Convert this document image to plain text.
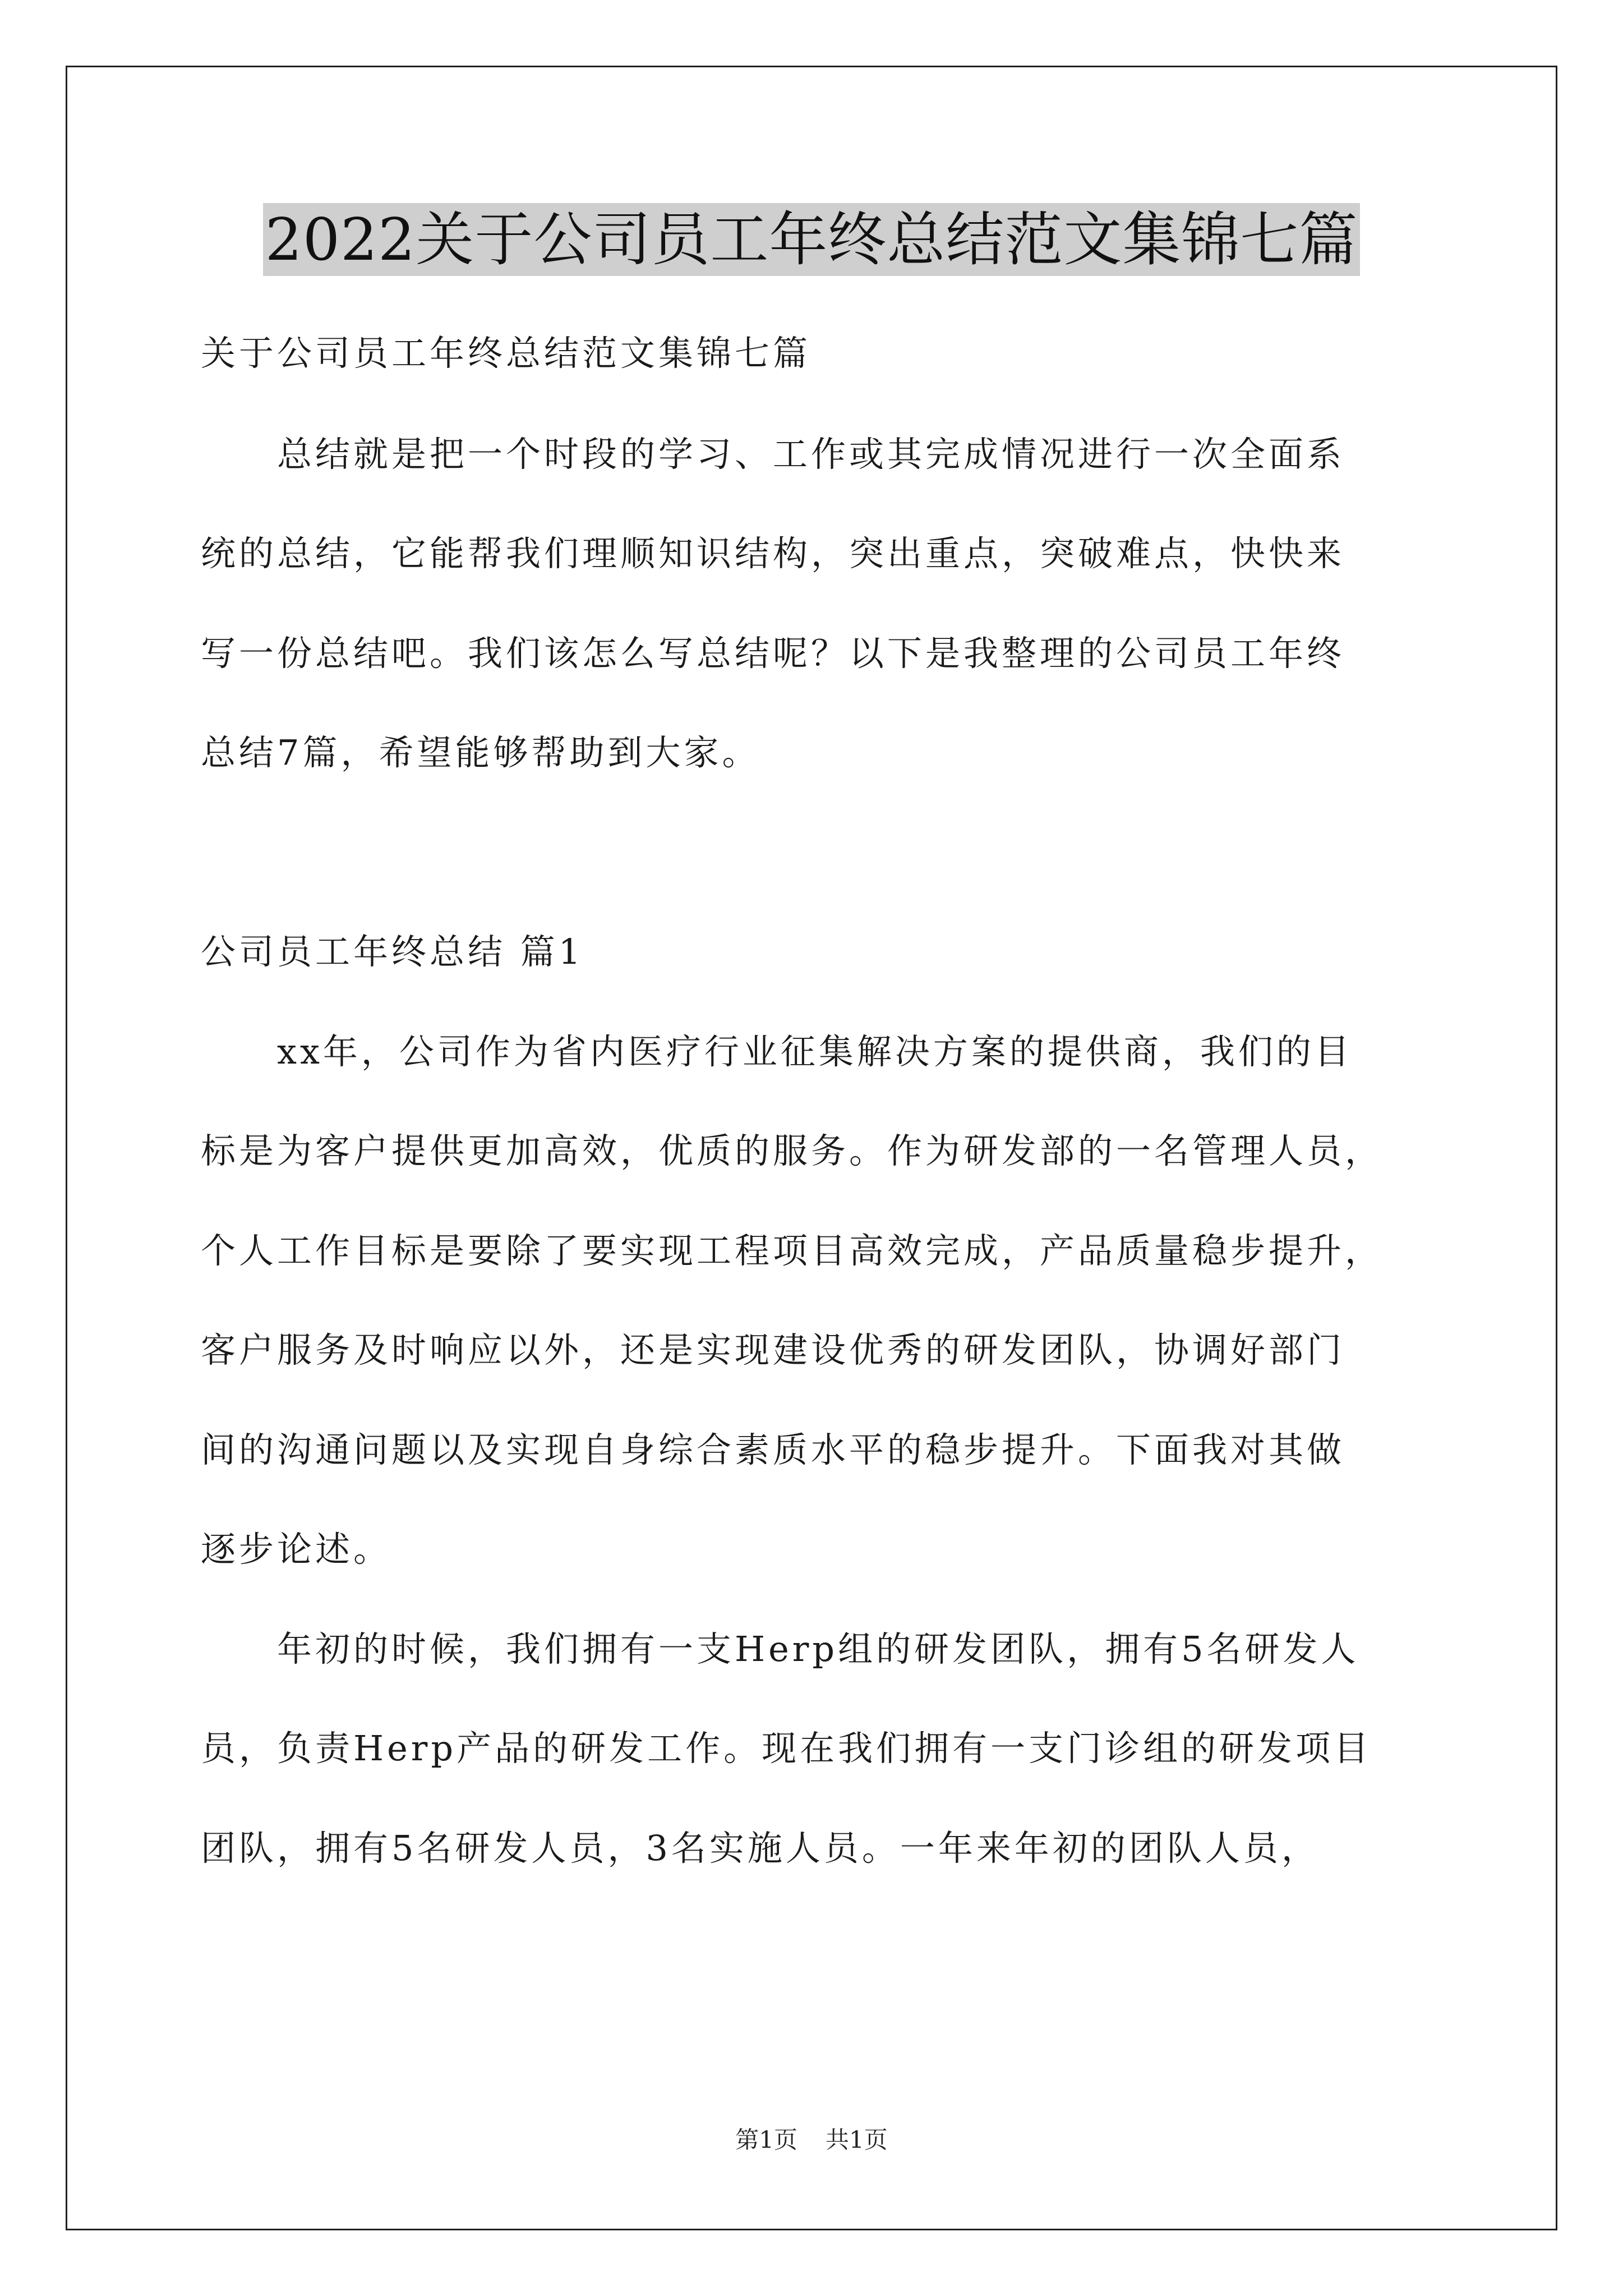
2022关于公司员工年终总结范文集锦七篇
关于公司员工年终总结范文集锦七篇
　　总结就是把一个时段的学习、工作或其完成情况进行一次全面系
统的总结，它能帮我们理顺知识结构，突出重点，突破难点，快快来
写一份总结吧。我们该怎么写总结呢？以下是我整理的公司员工年终
总结7篇，希望能够帮助到大家。
公司员工年终总结 篇1
　　xx年，公司作为省内医疗行业征集解决方案的提供商，我们的目
标是为客户提供更加高效，优质的服务。作为研发部的一名管理人员，
个人工作目标是要除了要实现工程项目高效完成，产品质量稳步提升，
客户服务及时响应以外，还是实现建设优秀的研发团队，协调好部门
间的沟通问题以及实现自身综合素质水平的稳步提升。下面我对其做
逐步论述。
　　年初的时候，我们拥有一支Herp组的研发团队，拥有5名研发人
员，负责Herp产品的研发工作。现在我们拥有一支门诊组的研发项目
团队，拥有5名研发人员，3名实施人员。一年来年初的团队人员，
第1页 共1页
